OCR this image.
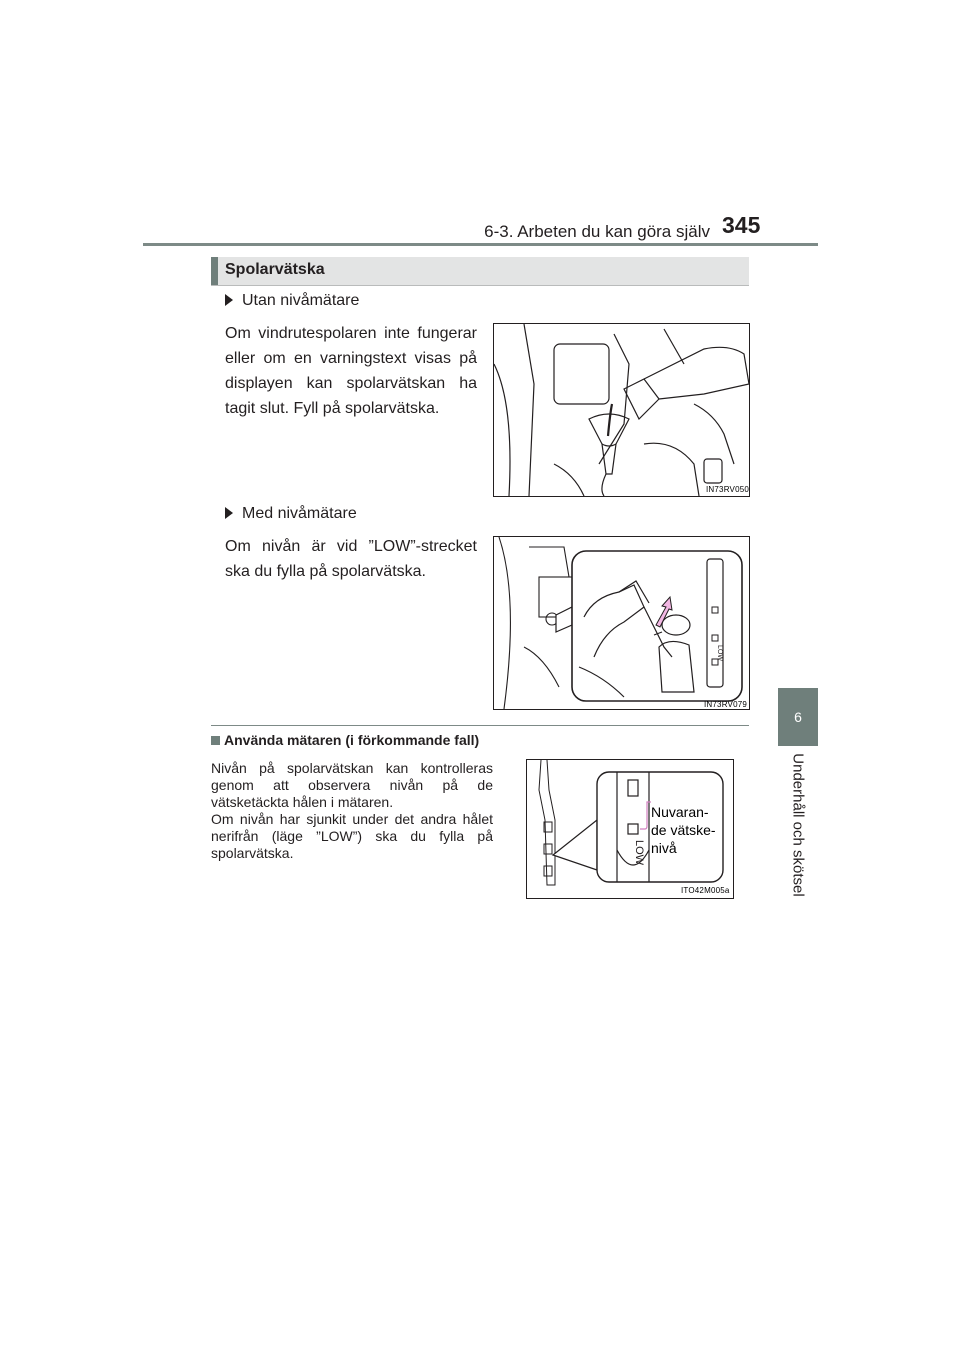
6-3. Arbeten du kan göra själv 345
6
Underhåll och skötsel
Spolarvätska
Utan nivåmätare
Om vindrutespolaren inte fungerar eller om en varningstext visas på displayen kan spolarvätskan ha tagit slut. Fyll på spolarvätska.
IN73RV050
Med nivåmätare
Om nivån är vid ”LOW”-strecket ska du fylla på spolarvätska.
LOW
IN73RV079
Använda mätaren (i förkommande fall)
Nivån på spolarvätskan kan kontrolleras genom att observera nivån på de vätsketäckta hålen i mätaren.
Om nivån har sjunkit under det andra hålet nerifrån (läge ”LOW”) ska du fylla på spolarvätska.	LOW
Nuvaran-
de vätske-
nivå
ITO42M005a
